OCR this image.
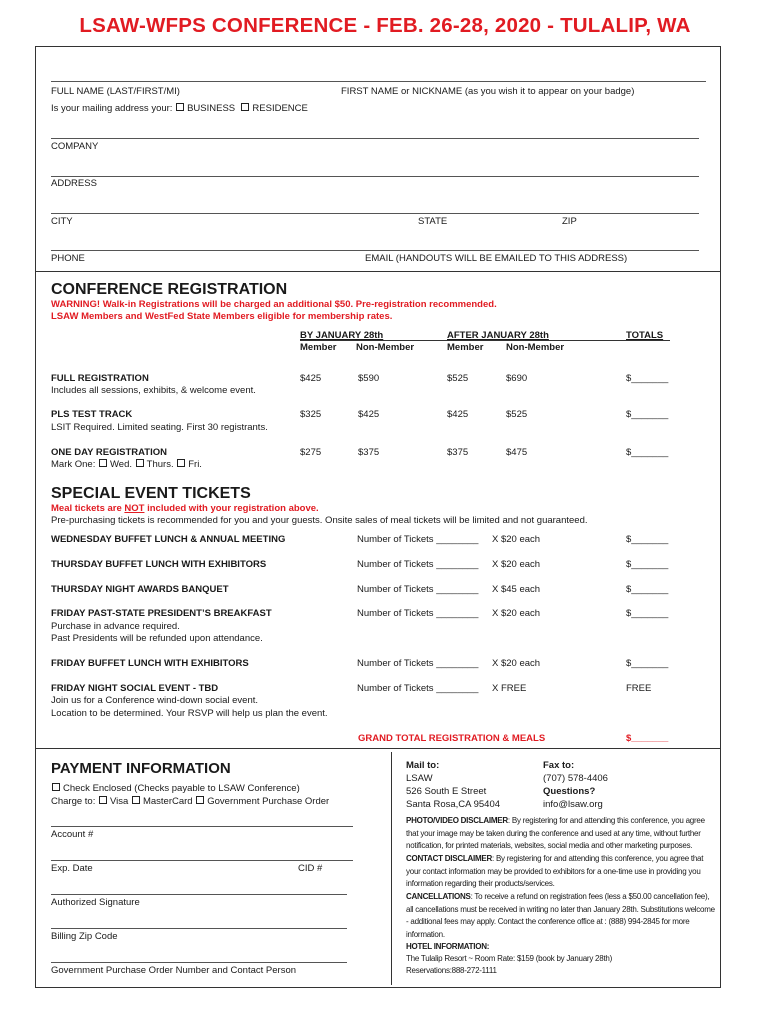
LSAW-WFPS CONFERENCE - FEB. 26-28, 2020 - TULALIP, WA
FULL NAME (LAST/FIRST/MI)	FIRST NAME or NICKNAME (as you wish it to appear on your badge)
Is your mailing address your: BUSINESS RESIDENCE
COMPANY
ADDRESS
CITY	STATE	ZIP
PHONE	EMAIL (HANDOUTS WILL BE EMAILED TO THIS ADDRESS)
CONFERENCE REGISTRATION
WARNING! Walk-in Registrations will be charged an additional $50. Pre-registration recommended.
LSAW Members and WestFed State Members eligible for membership rates.
BY JANUARY 28th	AFTER JANUARY 28th	TOTALS
Member Non-Member	Member Non-Member
FULL REGISTRATION
Includes all sessions, exhibits, & welcome event.
$425	$590	$525	$690	$_______
PLS TEST TRACK
LSIT Required. Limited seating. First 30 registrants.
$325	$425	$425	$525	$_______
ONE DAY REGISTRATION
Mark One: Wed. Thurs. Fri.
$275	$375	$375	$475	$_______
SPECIAL EVENT TICKETS
Meal tickets are NOT included with your registration above.
Pre-purchasing tickets is recommended for you and your guests. Onsite sales of meal tickets will be limited and not guaranteed.
WEDNESDAY BUFFET LUNCH & ANNUAL MEETING	Number of Tickets ________ X $20 each	$_______
THURSDAY BUFFET LUNCH WITH EXHIBITORS	Number of Tickets ________ X $20 each	$_______
THURSDAY NIGHT AWARDS BANQUET	Number of Tickets ________ X $45 each	$_______
FRIDAY PAST-STATE PRESIDENT’S BREAKFAST
Purchase in advance required.
Past Presidents will be refunded upon attendance.
Number of Tickets ________ X $20 each	$_______
FRIDAY BUFFET LUNCH WITH EXHIBITORS	Number of Tickets ________ X $20 each	$_______
FRIDAY NIGHT SOCIAL EVENT - TBD
Join us for a Conference wind-down social event.
Location to be determined. Your RSVP will help us plan the event.
Number of Tickets ________ X FREE	FREE
GRAND TOTAL REGISTRATION & MEALS	$_______
PAYMENT INFORMATION
Check Enclosed (Checks payable to LSAW Conference)
Charge to: Visa MasterCard Government Purchase Order
Account #
Exp. Date	CID #
Authorized Signature
Billing Zip Code
Government Purchase Order Number and Contact Person
Mail to:
LSAW
526 South E Street
Santa Rosa,CA 95404
Fax to:
(707) 578-4406
Questions?
info@lsaw.org
PHOTO/VIDEO DISCLAIMER: By registering for and attending this conference, you agree that your image may be taken during the conference and used at any time, without further notification, for printed materials, websites, social media and other marketing purposes.
CONTACT DISCLAIMER: By registering for and attending this conference, you agree that your contact information may be provided to exhibitors for a one-time use in providing you information regarding their products/services.
CANCELLATIONS: To receive a refund on registration fees (less a $50.00 cancellation fee), all cancellations must be received in writing no later than January 28th. Substitutions welcome - additional fees may apply. Contact the conference office at : (888) 994-2845 for more information.
HOTEL INFORMATION:
The Tulalip Resort ~ Room Rate: $159 (book by January 28th)
Reservations:888-272-1111
